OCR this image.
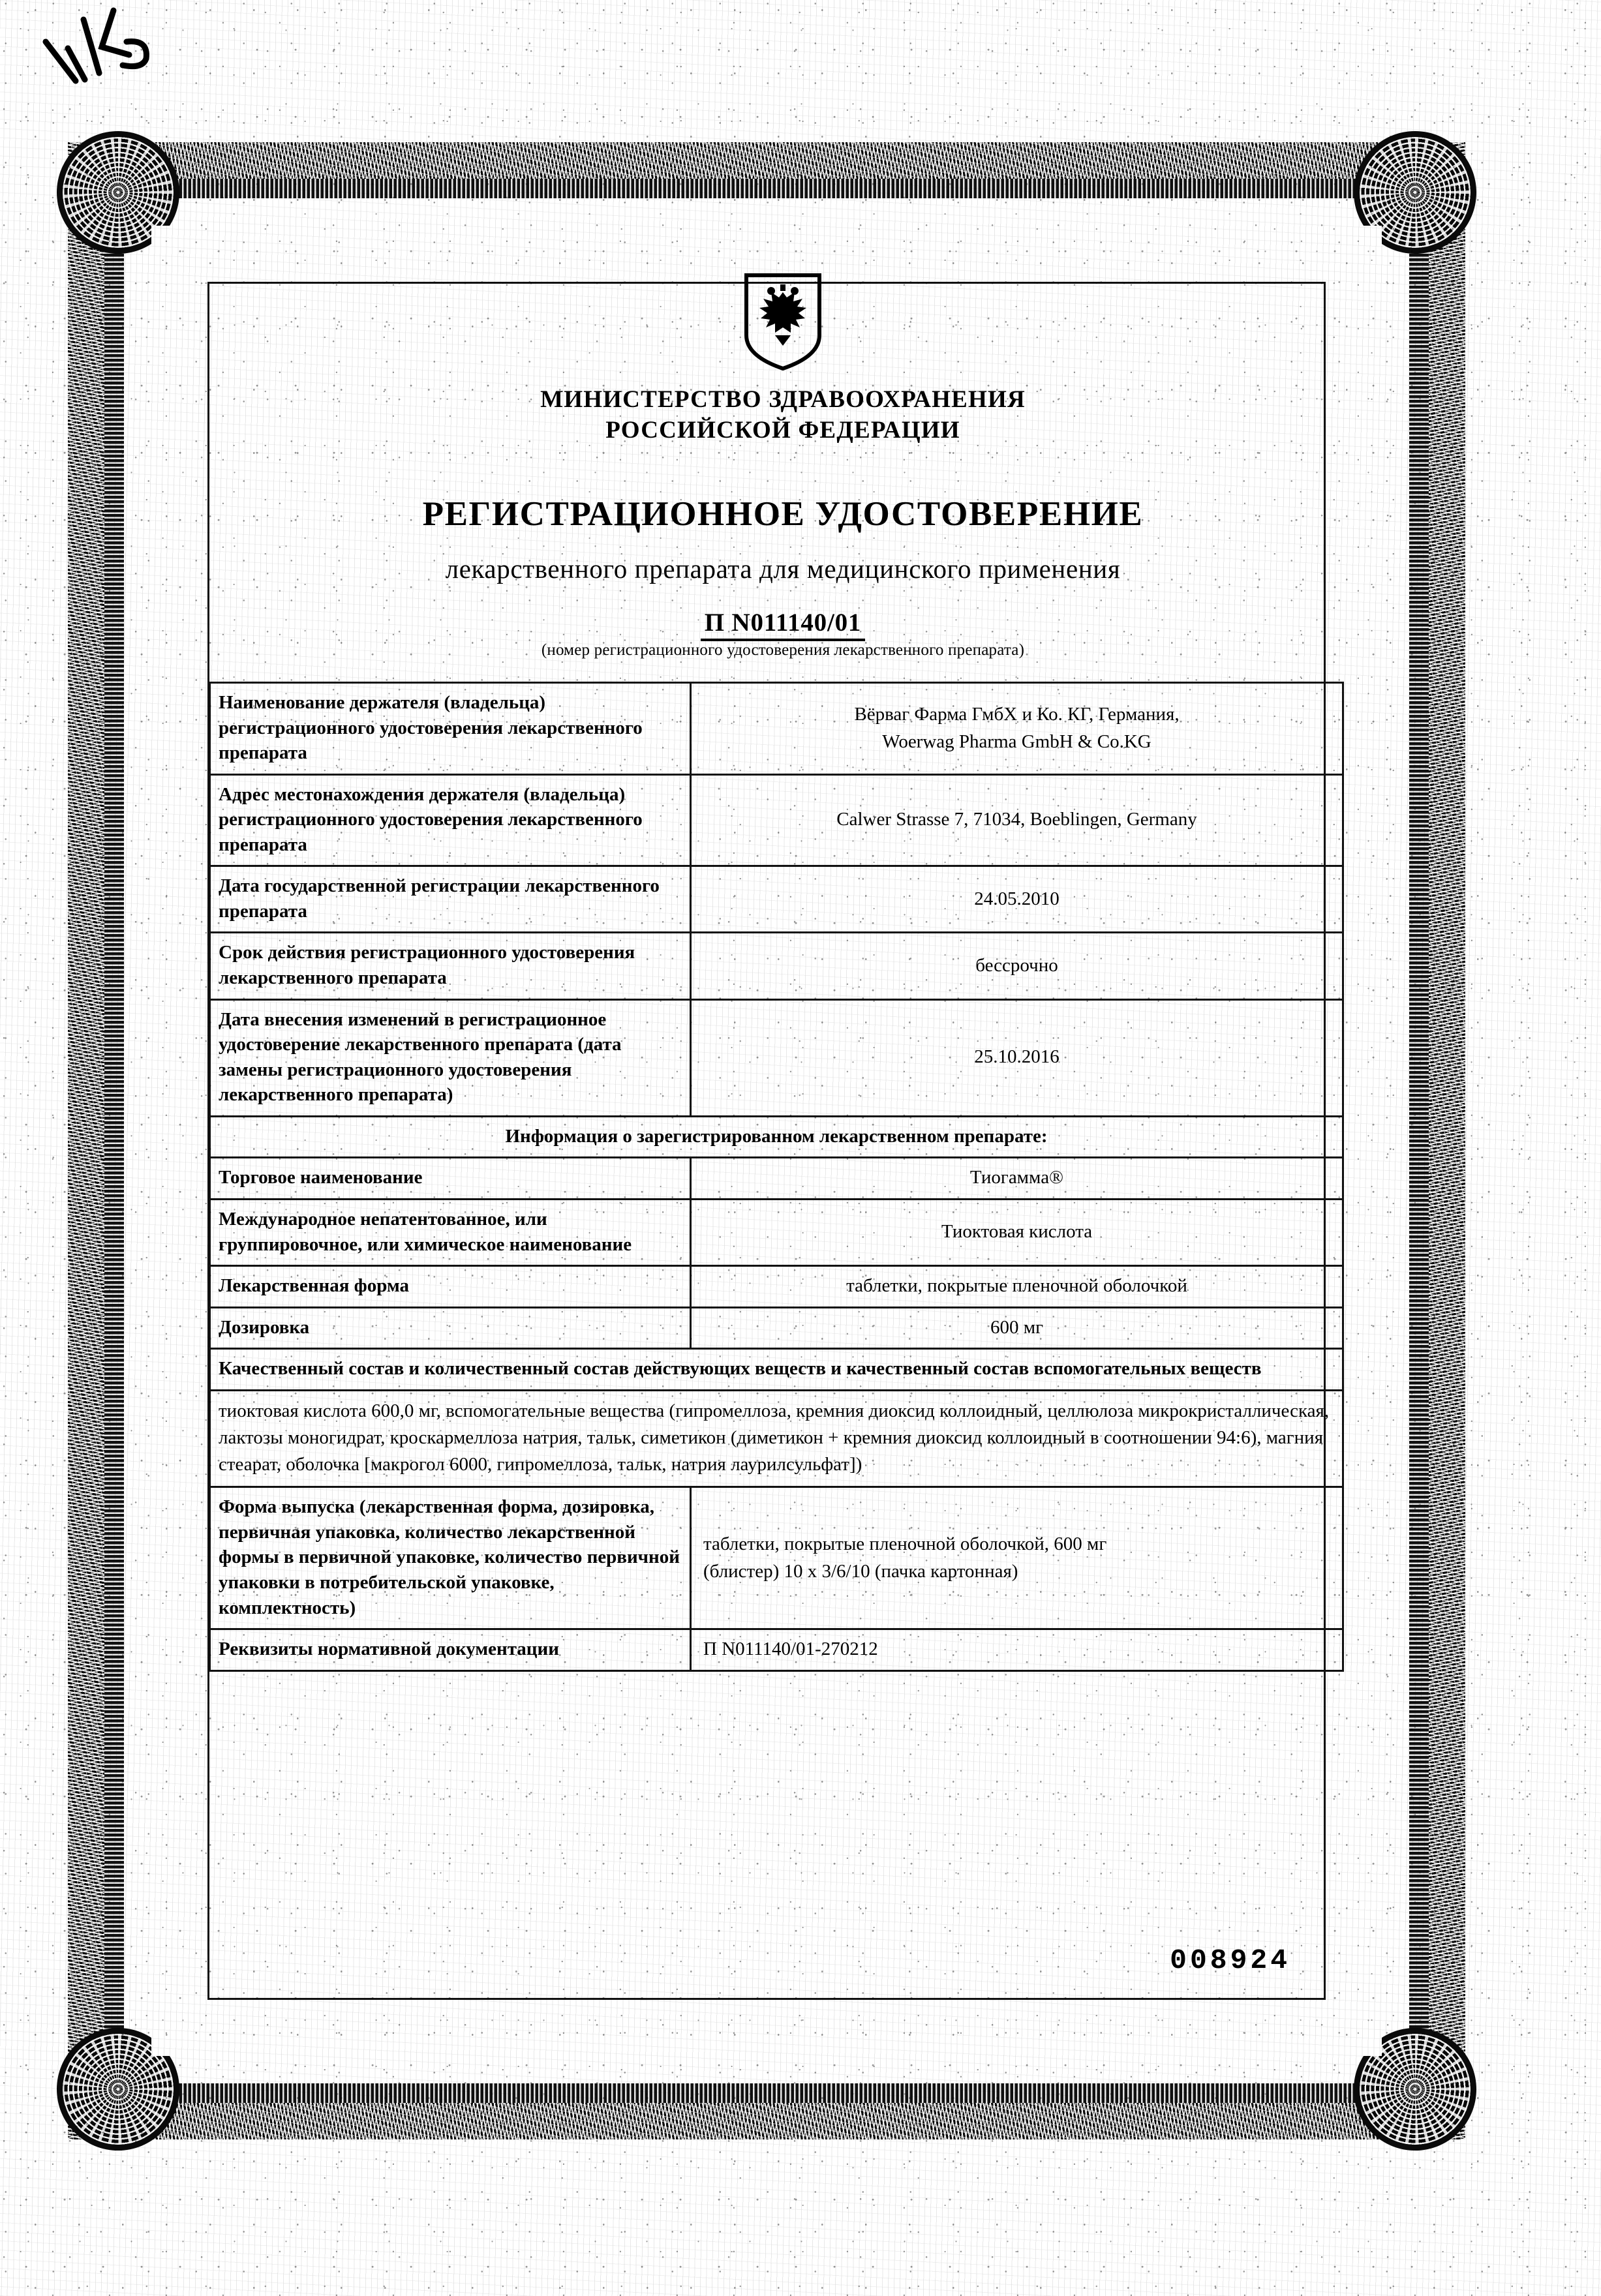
МИНИСТЕРСТВО ЗДРАВООХРАНЕНИЯ
РОССИЙСКОЙ ФЕДЕРАЦИИ
РЕГИСТРАЦИОННОЕ УДОСТОВЕРЕНИЕ
лекарственного препарата для медицинского применения
П N011140/01
(номер регистрационного удостоверения лекарственного препарата)
Наименование держателя (владельца) регистрационного удостоверения лекарственного препарата	Вёрваг Фарма ГмбХ и Ко. КГ, Германия,
Woerwag Pharma GmbH & Co.KG

Адрес местонахождения держателя (владельца) регистрационного удостоверения лекарственного препарата	Calwer Strasse 7, 71034, Boeblingen, Germany
Дата государственной регистрации лекарственного препарата	24.05.2010
Срок действия регистрационного удостоверения лекарственного препарата	бессрочно
Дата внесения изменений в регистрационное удостоверение лекарственного препарата (дата замены регистрационного удостоверения лекарственного препарата)	25.10.2016
Информация о зарегистрированном лекарственном препарате:	
Торговое наименование	Тиогамма®
Международное непатентованное, или группировочное, или химическое наименование	Тиоктовая кислота
Лекарственная форма	таблетки, покрытые пленочной оболочкой
Дозировка	600 мг
Качественный состав и количественный состав действующих веществ и качественный состав вспомогательных веществ	
тиоктовая кислота 600,0 мг, вспомогательные вещества (гипромеллоза, кремния диоксид коллоидный, целлюлоза микрокристаллическая, лактозы моногидрат, кроскармеллоза натрия, тальк, симетикон (диметикон + кремния диоксид коллоидный в соотношении 94:6), магния стеарат, оболочка [макрогол 6000, гипромеллоза, тальк, натрия лаурилсульфат])	
Форма выпуска (лекарственная форма, дозировка, первичная упаковка, количество лекарственной формы в первичной упаковке, количество первичной упаковки в потребительской упаковке, комплектность)	таблетки, покрытые пленочной оболочкой, 600 мг
(блистер) 10 х 3/6/10 (пачка картонная)

Реквизиты нормативной документации	П N011140/01-270212
008924
